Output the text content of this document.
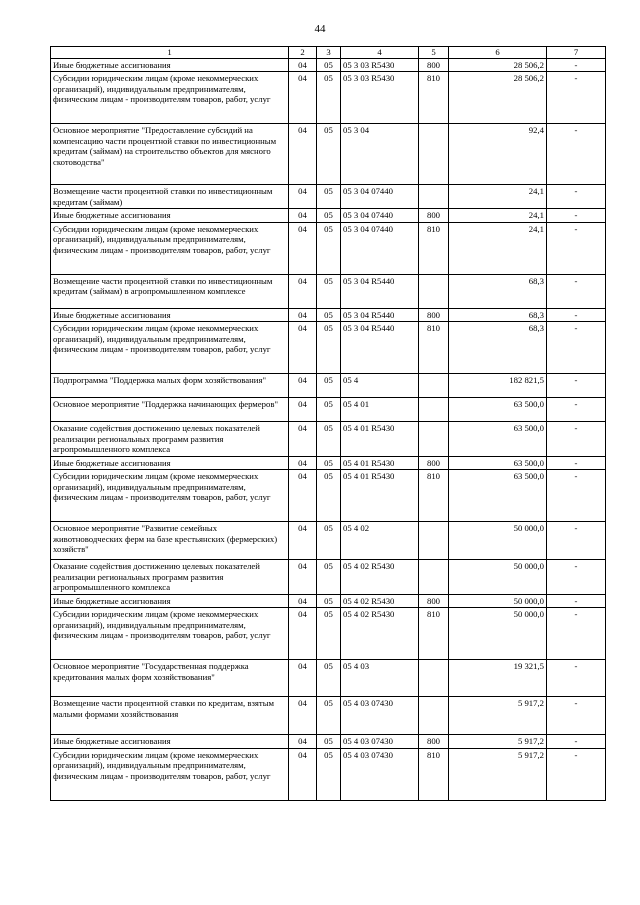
44
1	2	3	4	5	6	7
Иные бюджетные ассигнования	04	05	05 3 03 R5430	800	28 506,2	-
Субсидии юридическим лицам (кроме некоммерческих организаций), индивидуальным предпринимателям, физическим лицам - производителям товаров, работ, услуг	04	05	05 3 03 R5430	810	28 506,2	-
Основное мероприятие "Предоставление субсидий на компенсацию части процентной ставки по инвестиционным кредитам (займам) на строительство объектов для мясного скотоводства"	04	05	05 3 04		92,4	-
Возмещение части процентной ставки по инвестиционным кредитам (займам)	04	05	05 3 04 07440		24,1	-
Иные бюджетные ассигнования	04	05	05 3 04 07440	800	24,1	-
Субсидии юридическим лицам (кроме некоммерческих организаций), индивидуальным предпринимателям, физическим лицам - производителям товаров, работ, услуг	04	05	05 3 04 07440	810	24,1	-
Возмещение части процентной ставки по инвестиционным кредитам (займам) в агропромышленном комплексе	04	05	05 3 04 R5440		68,3	-
Иные бюджетные ассигнования	04	05	05 3 04 R5440	800	68,3	-
Субсидии юридическим лицам (кроме некоммерческих организаций), индивидуальным предпринимателям, физическим лицам - производителям товаров, работ, услуг	04	05	05 3 04 R5440	810	68,3	-
Подпрограмма "Поддержка малых форм хозяйствования"	04	05	05 4		182 821,5	-
Основное мероприятие "Поддержка начинающих фермеров"	04	05	05 4 01		63 500,0	-
Оказание содействия достижению целевых показателей реализации региональных программ развития агропромышленного комплекса	04	05	05 4 01 R5430		63 500,0	-
Иные бюджетные ассигнования	04	05	05 4 01 R5430	800	63 500,0	-
Субсидии юридическим лицам (кроме некоммерческих организаций), индивидуальным предпринимателям, физическим лицам - производителям товаров, работ, услуг	04	05	05 4 01 R5430	810	63 500,0	-
Основное мероприятие "Развитие семейных животноводческих ферм на базе крестьянских (фермерских) хозяйств"	04	05	05 4 02		50 000,0	-
Оказание содействия достижению целевых показателей реализации региональных программ развития агропромышленного комплекса	04	05	05 4 02 R5430		50 000,0	-
Иные бюджетные ассигнования	04	05	05 4 02 R5430	800	50 000,0	-
Субсидии юридическим лицам (кроме некоммерческих организаций), индивидуальным предпринимателям, физическим лицам - производителям товаров, работ, услуг	04	05	05 4 02 R5430	810	50 000,0	-
Основное мероприятие "Государственная поддержка кредитования малых форм хозяйствования"	04	05	05 4 03		19 321,5	-
Возмещение части процентной ставки по кредитам, взятым малыми формами хозяйствования	04	05	05 4 03 07430		5 917,2	-
Иные бюджетные ассигнования	04	05	05 4 03 07430	800	5 917,2	-
Субсидии юридическим лицам (кроме некоммерческих организаций), индивидуальным предпринимателям, физическим лицам - производителям товаров, работ, услуг	04	05	05 4 03 07430	810	5 917,2	-
